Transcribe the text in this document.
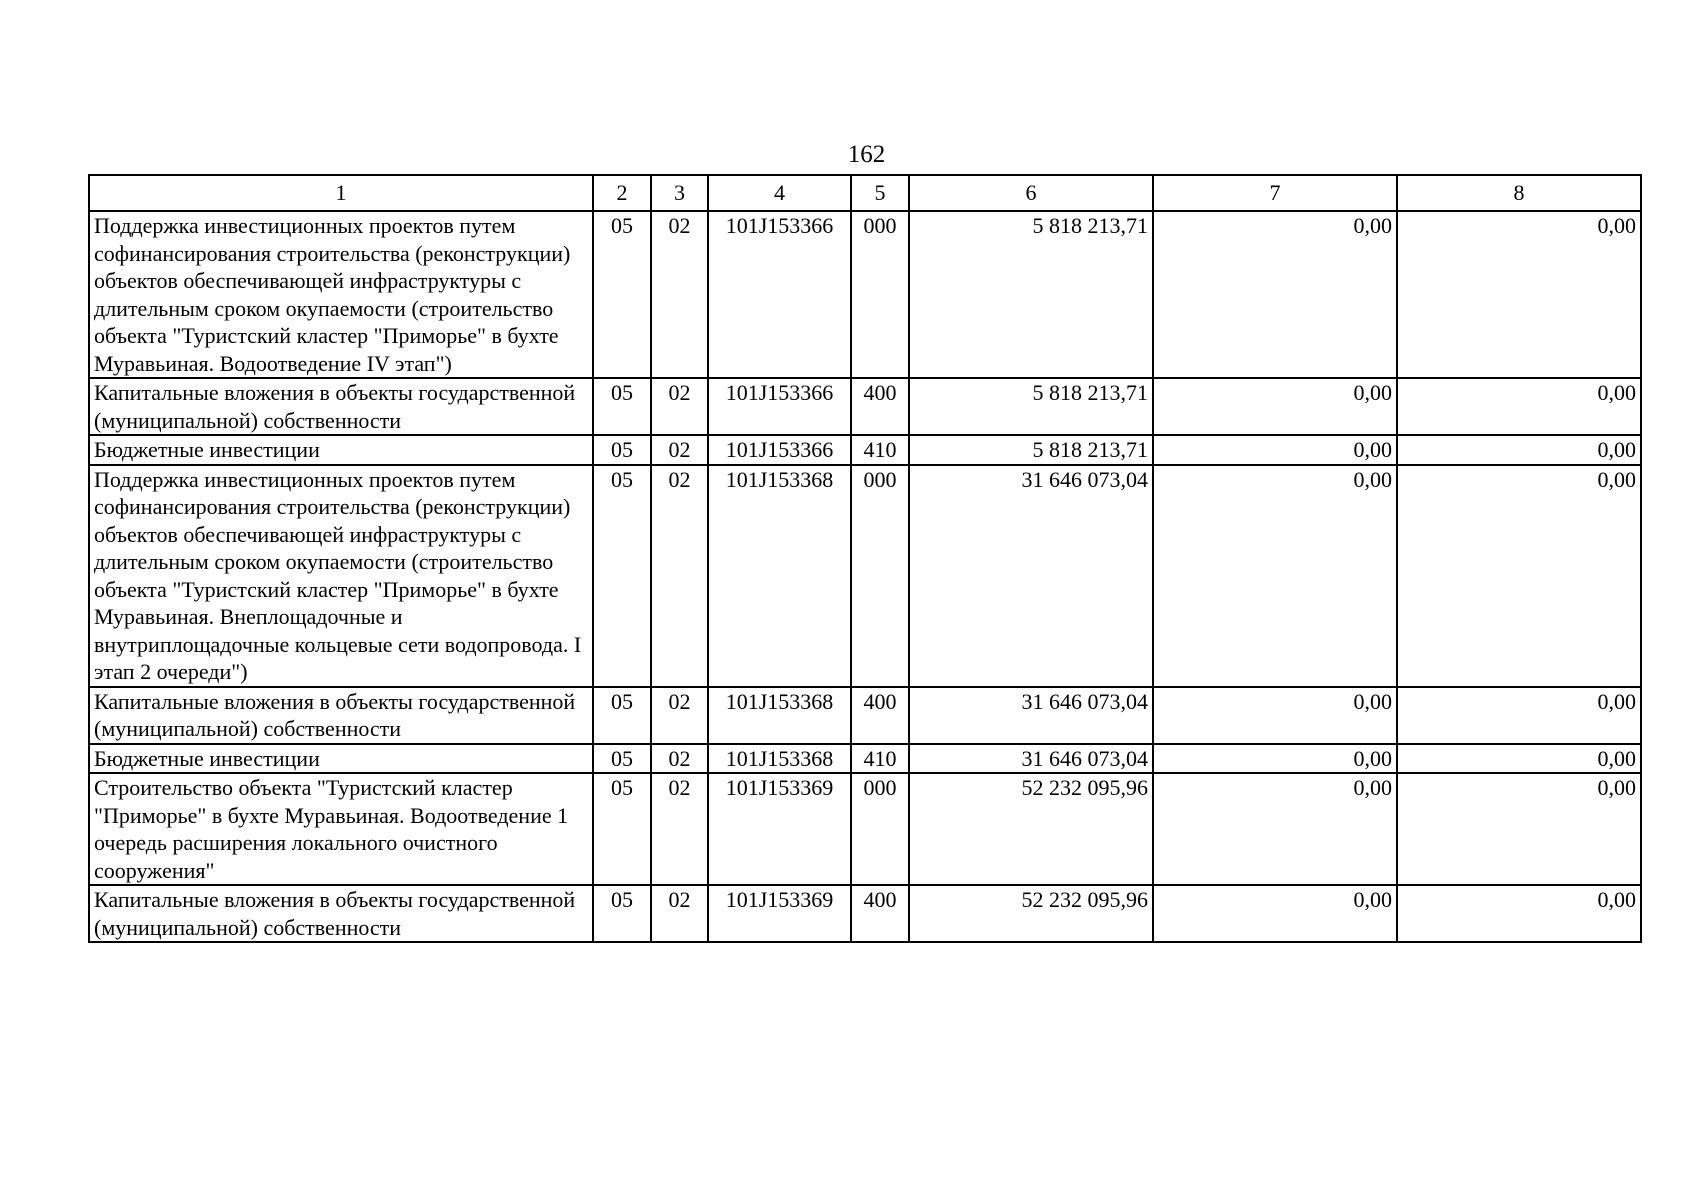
162
1	2	3	4	5	6	7	8
Поддержка инвестиционных проектов путем софинансирования строительства (реконструкции) объектов обеспечивающей инфраструктуры с длительным сроком окупаемости (строительство объекта "Туристский кластер "Приморье" в бухте Муравьиная. Водоотведение IV этап")	05	02	101J153366	000	5 818 213,71	0,00	0,00
Капитальные вложения в объекты государственной (муниципальной) собственности	05	02	101J153366	400	5 818 213,71	0,00	0,00
Бюджетные инвестиции	05	02	101J153366	410	5 818 213,71	0,00	0,00
Поддержка инвестиционных проектов путем софинансирования строительства (реконструкции) объектов обеспечивающей инфраструктуры с длительным сроком окупаемости (строительство объекта "Туристский кластер "Приморье" в бухте Муравьиная. Внеплощадочные и внутриплощадочные кольцевые сети водопровода. I этап 2 очереди")	05	02	101J153368	000	31 646 073,04	0,00	0,00
Капитальные вложения в объекты государственной (муниципальной) собственности	05	02	101J153368	400	31 646 073,04	0,00	0,00
Бюджетные инвестиции	05	02	101J153368	410	31 646 073,04	0,00	0,00
Строительство объекта "Туристский кластер "Приморье" в бухте Муравьиная. Водоотведение 1 очередь расширения локального очистного сооружения"	05	02	101J153369	000	52 232 095,96	0,00	0,00
Капитальные вложения в объекты государственной (муниципальной) собственности	05	02	101J153369	400	52 232 095,96	0,00	0,00
